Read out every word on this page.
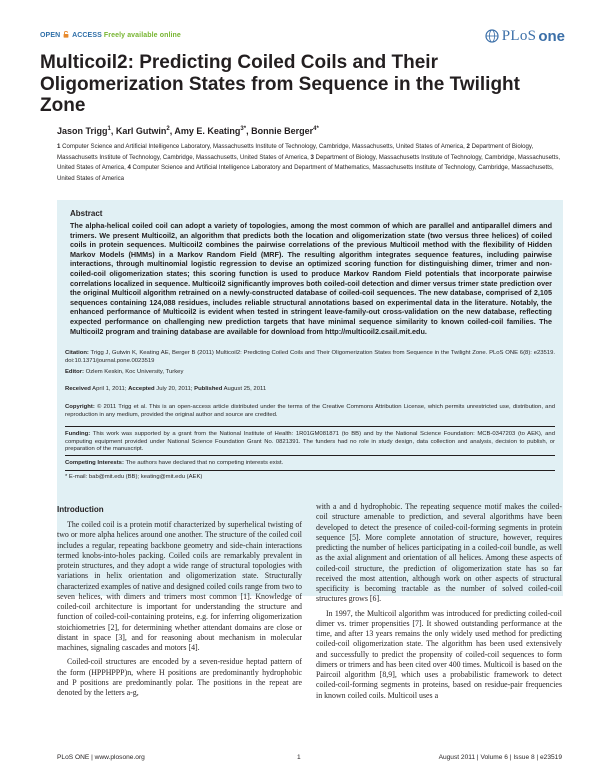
OPEN ACCESS Freely available online	PLoS one
Multicoil2: Predicting Coiled Coils and Their Oligomerization States from Sequence in the Twilight Zone
Jason Trigg$^1$, Karl Gutwin$^2$, Amy E. Keating$^{3*}$, Bonnie Berger$^{4*}$
1 Computer Science and Artificial Intelligence Laboratory, Massachusetts Institute of Technology, Cambridge, Massachusetts, United States of America, 2 Department of Biology, Massachusetts Institute of Technology, Cambridge, Massachusetts, United States of America, 3 Department of Biology, Massachusetts Institute of Technology, Cambridge, Massachusetts, United States of America, 4 Computer Science and Artificial Intelligence Laboratory and Department of Mathematics, Massachusetts Institute of Technology, Cambridge, Massachusetts, United States of America
Abstract

The alpha-helical coiled coil can adopt a variety of topologies, among the most common of which are parallel and antiparallel dimers and trimers. We present Multicoil2, an algorithm that predicts both the location and oligomerization state (two versus three helices) of coiled coils in protein sequences. Multicoil2 combines the pairwise correlations of the previous Multicoil method with the flexibility of Hidden Markov Models (HMMs) in a Markov Random Field (MRF). The resulting algorithm integrates sequence features, including pairwise interactions, through multinomial logistic regression to devise an optimized scoring function for distinguishing dimer, trimer and non-coiled-coil oligomerization states; this scoring function is used to produce Markov Random Field potentials that incorporate pairwise correlations localized in sequence. Multicoil2 significantly improves both coiled-coil detection and dimer versus trimer state prediction over the original Multicoil algorithm retrained on a newly-constructed database of coiled-coil sequences. The new database, comprised of 2,105 sequences containing 124,088 residues, includes reliable structural annotations based on experimental data in the literature. Notably, the enhanced performance of Multicoil2 is evident when tested in stringent leave-family-out cross-validation on the new database, reflecting expected performance on challenging new prediction targets that have minimal sequence similarity to known coiled-coil families. The Multicoil2 program and training database are available for download from http://multicoil2.csail.mit.edu.

Citation: Trigg J, Gutwin K, Keating AE, Berger B (2011) Multicoil2: Predicting Coiled Coils and Their Oligomerization States from Sequence in the Twilight Zone. PLoS ONE 6(8): e23519. doi:10.1371/journal.pone.0023519

Editor: Ozlem Keskin, Koc University, Turkey

Received April 1, 2011; Accepted July 20, 2011; Published August 25, 2011

Copyright: © 2011 Trigg et al. This is an open-access article distributed under the terms of the Creative Commons Attribution License, which permits unrestricted use, distribution, and reproduction in any medium, provided the original author and source are credited.

Funding: This work was supported by a grant from the National Institute of Health: 1R01GM081871 (to BB) and by the National Science Foundation: MCB-0347203 (to AEK), and computing equipment provided under National Science Foundation Grant No. 0821391. The funders had no role in study design, data collection and analysis, decision to publish, or preparation of the manuscript.

Competing Interests: The authors have declared that no competing interests exist.

* E-mail: bab@mit.edu (BB); keating@mit.edu (AEK)

Introduction

The coiled coil is a protein motif characterized by superhelical twisting of two or more alpha helices around one another. The structure of the coiled coil includes a regular, repeating backbone geometry and side-chain interactions termed knobs-into-holes packing. Coiled coils are remarkably prevalent in protein structures, and they adopt a wide range of structural topologies with variations in helix orientation and oligomerization state. Structurally characterized examples of native and designed coiled coils range from two to seven helices, with dimers and trimers most common [1]. Knowledge of coiled-coil architecture is important for understanding the structure and function of coiled-coil-containing proteins, e.g. for inferring oligomerization stoichiometries [2], for determining whether attendant domains are close or distant in space [3], and for reasoning about mechanism in molecular machines, signaling cascades and motors [4].

Coiled-coil structures are encoded by a seven-residue heptad pattern of the form (HPPHPPP)n, where H positions are predominantly hydrophobic and P positions are predominantly polar. The positions in the repeat are denoted by the letters a-g,

with a and d hydrophobic. The repeating sequence motif makes the coiled-coil structure amenable to prediction, and several algorithms have been developed to detect the presence of coiled-coil-forming segments in protein sequence [5]. More complete annotation of structure, however, requires predicting the number of helices participating in a coiled-coil bundle, as well as the axial alignment and orientation of all helices. Among these aspects of coiled-coil structure, the prediction of oligomerization state has so far received the most attention, although work on other aspects of structural specificity is becoming tractable as the number of solved coiled-coil structures grows [6].

In 1997, the Multicoil algorithm was introduced for predicting coiled-coil dimer vs. trimer propensities [7]. It showed outstanding performance at the time, and after 13 years remains the only widely used method for predicting coiled-coil oligomerization state. The algorithm has been used extensively and successfully to predict the propensity of coiled-coil sequences to form dimers or trimers and has been cited over 400 times. Multicoil is based on the Paircoil algorithm [8,9], which uses a probabilistic framework to detect coiled-coil-forming segments in proteins, based on residue-pair frequencies in known coiled coils. Multicoil uses a

PLoS ONE | www.plosone.org	1	August 2011 | Volume 6 | Issue 8 | e23519
